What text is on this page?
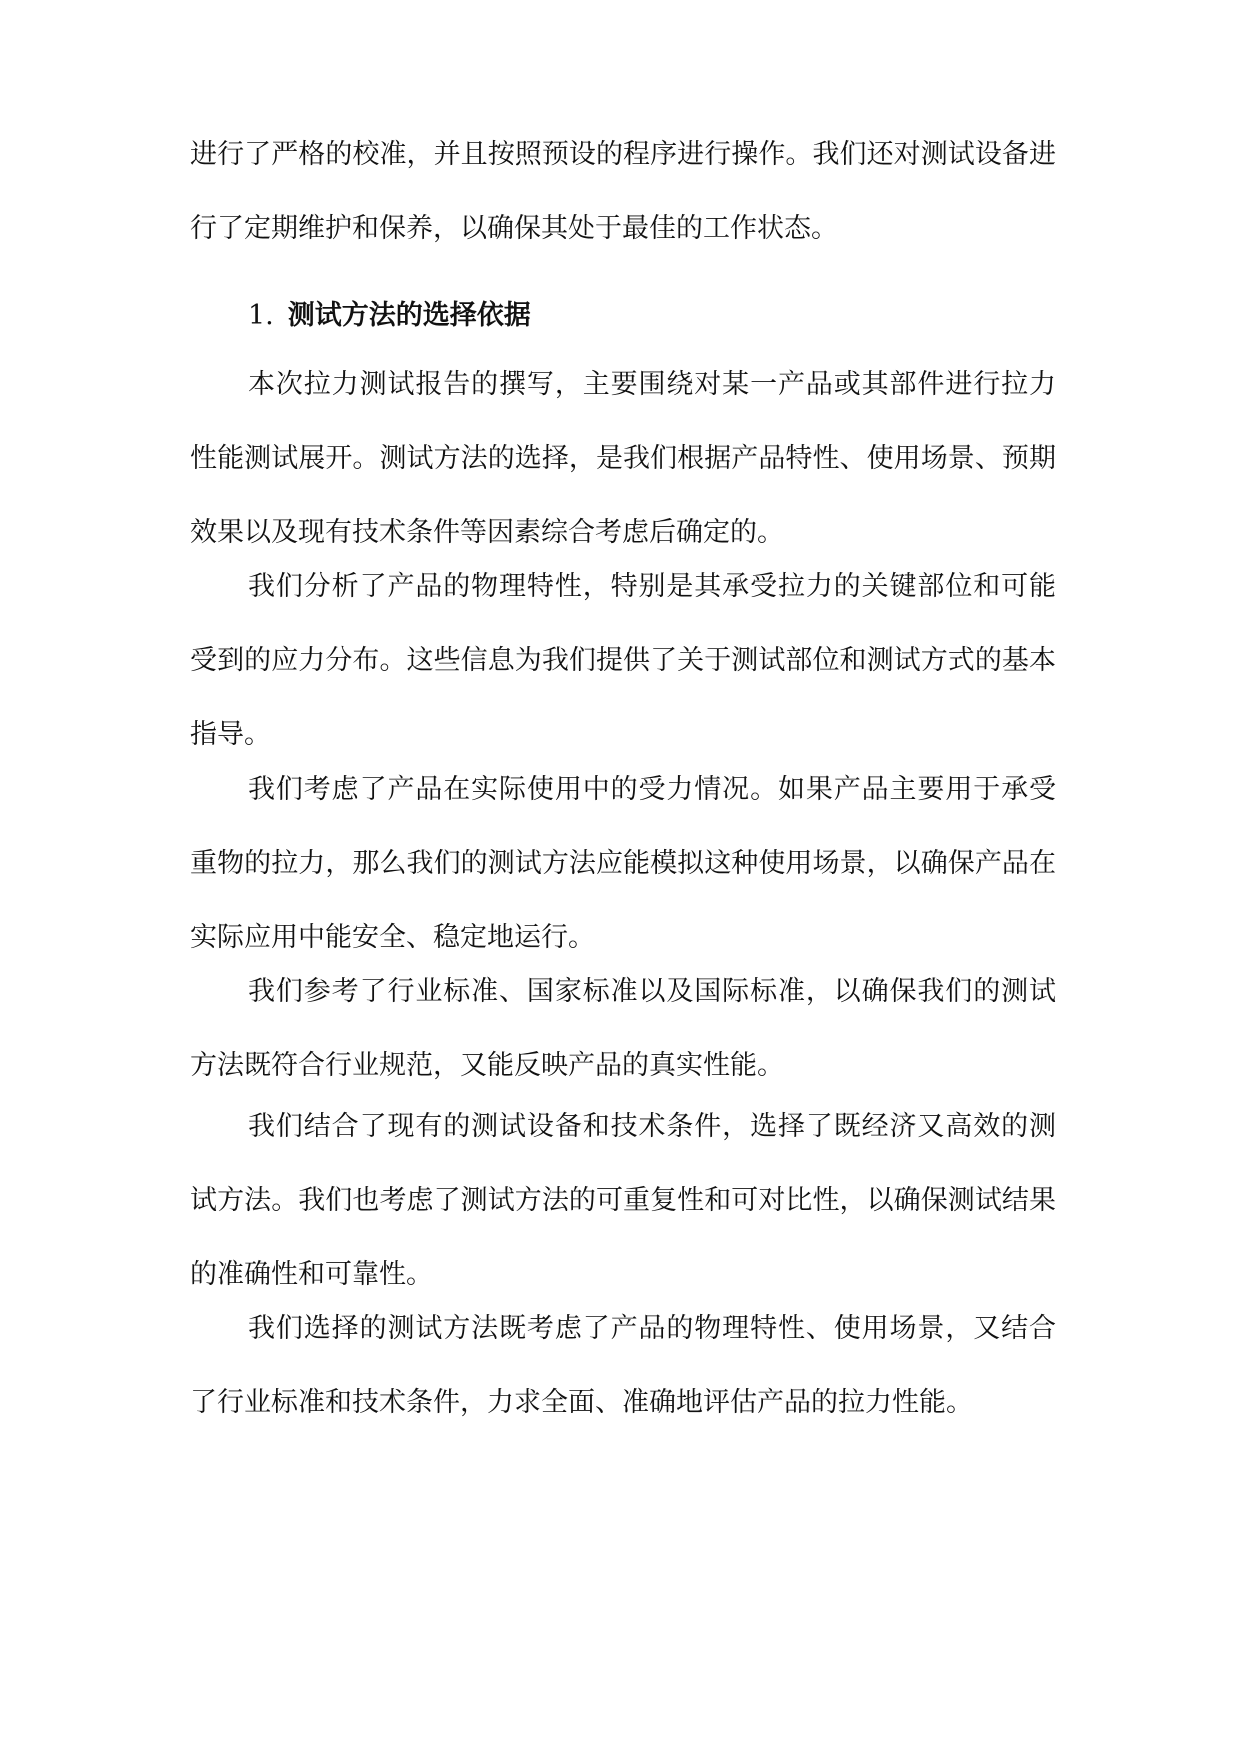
进行了严格的校准，并且按照预设的程序进行操作。我们还对测试设备进行了定期维护和保养，以确保其处于最佳的工作状态。

1. 测试方法的选择依据

本次拉力测试报告的撰写，主要围绕对某一产品或其部件进行拉力性能测试展开。测试方法的选择，是我们根据产品特性、使用场景、预期效果以及现有技术条件等因素综合考虑后确定的。

我们分析了产品的物理特性，特别是其承受拉力的关键部位和可能受到的应力分布。这些信息为我们提供了关于测试部位和测试方式的基本指导。

我们考虑了产品在实际使用中的受力情况。如果产品主要用于承受重物的拉力，那么我们的测试方法应能模拟这种使用场景，以确保产品在实际应用中能安全、稳定地运行。

我们参考了行业标准、国家标准以及国际标准，以确保我们的测试方法既符合行业规范，又能反映产品的真实性能。

我们结合了现有的测试设备和技术条件，选择了既经济又高效的测试方法。我们也考虑了测试方法的可重复性和可对比性，以确保测试结果的准确性和可靠性。

我们选择的测试方法既考虑了产品的物理特性、使用场景，又结合了行业标准和技术条件，力求全面、准确地评估产品的拉力性能。
